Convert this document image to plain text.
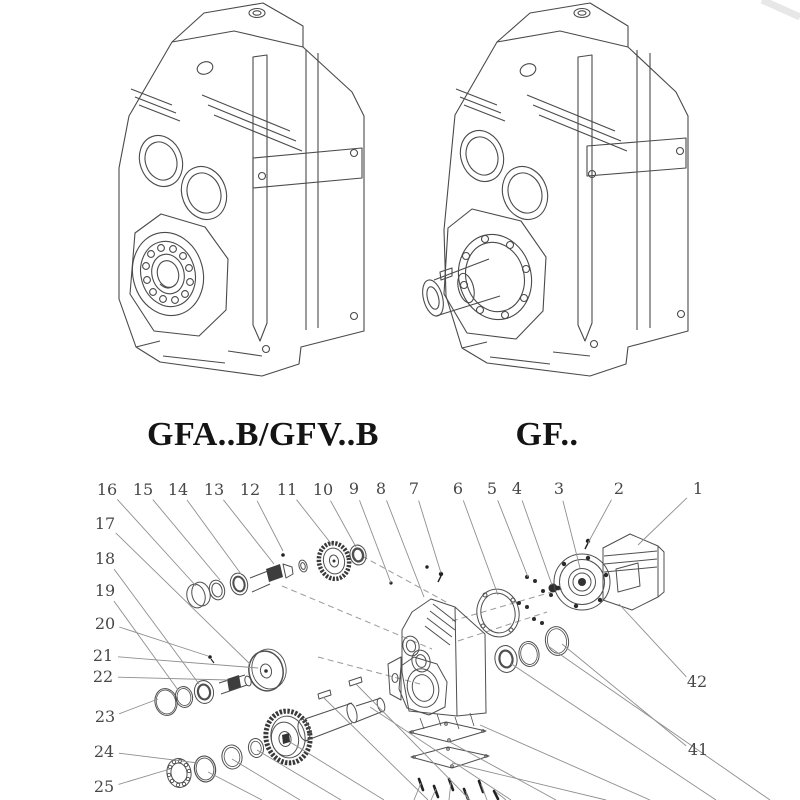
1
2
3
4
5
6
7
8
9
10
11
12
13
14
15
16
17
18
19
20
21
22
23
24
25
41
42
GFA..B/GFV..B	GF..
